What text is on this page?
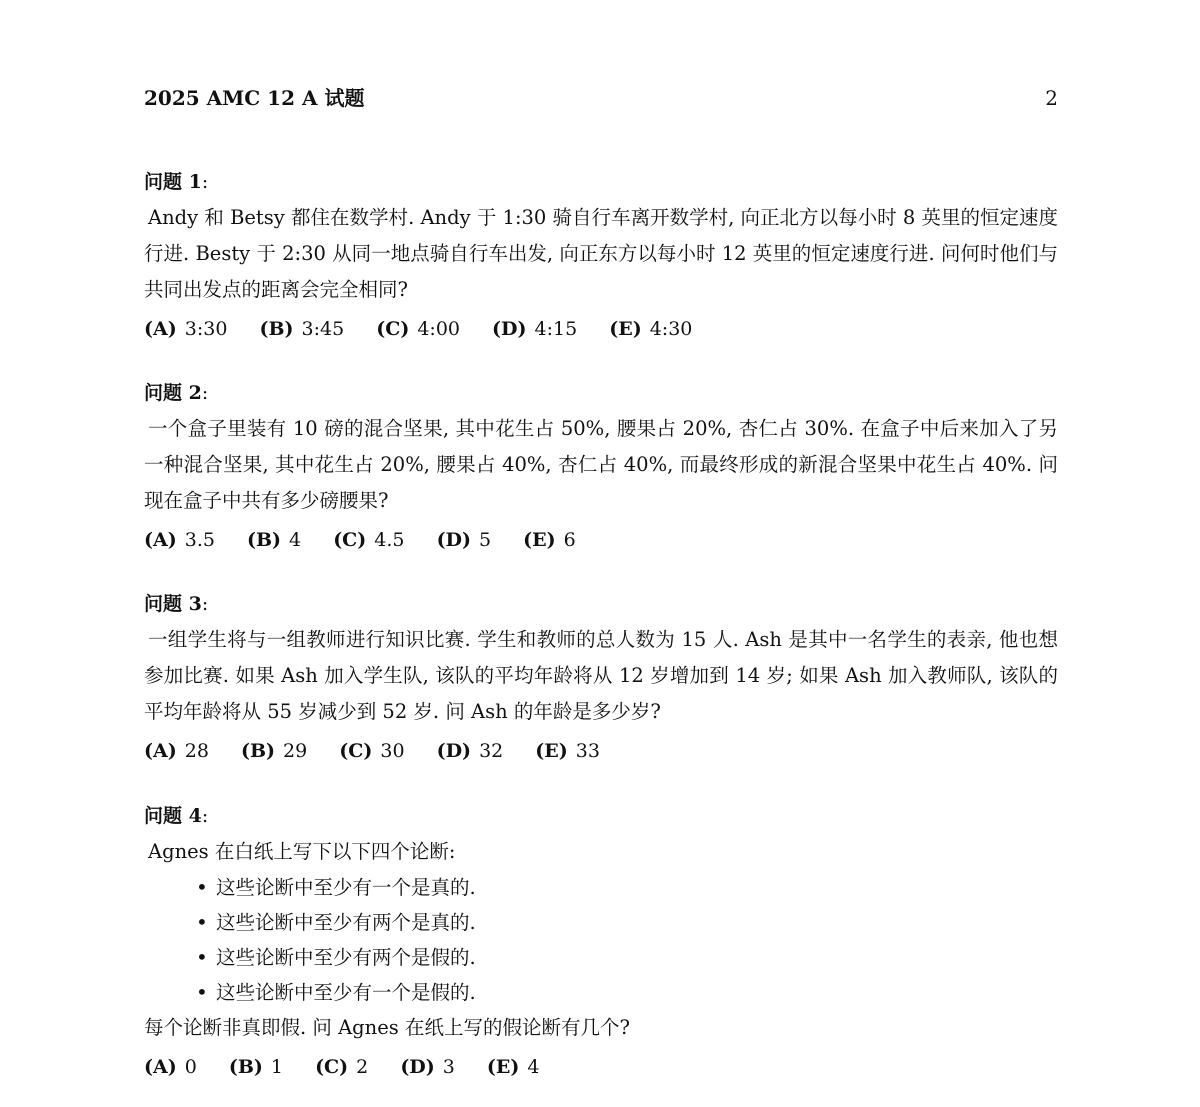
2025 AMC 12 A 试题	2
问题 1:
Andy 和 Betsy 都住在数学村. Andy 于 1:30 骑自行车离开数学村, 向正北方以每小时 8 英里的恒定速度行进. Besty 于 2:30 从同一地点骑自行车出发, 向正东方以每小时 12 英里的恒定速度行进. 问何时他们与共同出发点的距离会完全相同?
(A) 3:30 (B) 3:45 (C) 4:00 (D) 4:15 (E) 4:30
问题 2:
一个盒子里装有 10 磅的混合坚果, 其中花生占 50%, 腰果占 20%, 杏仁占 30%. 在盒子中后来加入了另一种混合坚果, 其中花生占 20%, 腰果占 40%, 杏仁占 40%, 而最终形成的新混合坚果中花生占 40%. 问现在盒子中共有多少磅腰果?
(A) 3.5 (B) 4 (C) 4.5 (D) 5 (E) 6
问题 3:
一组学生将与一组教师进行知识比赛. 学生和教师的总人数为 15 人. Ash 是其中一名学生的表亲, 他也想参加比赛. 如果 Ash 加入学生队, 该队的平均年龄将从 12 岁增加到 14 岁; 如果 Ash 加入教师队, 该队的平均年龄将从 55 岁减少到 52 岁. 问 Ash 的年龄是多少岁?
(A) 28 (B) 29 (C) 30 (D) 32 (E) 33
问题 4:
Agnes 在白纸上写下以下四个论断:
• 这些论断中至少有一个是真的.
• 这些论断中至少有两个是真的.
• 这些论断中至少有两个是假的.
• 这些论断中至少有一个是假的.
每个论断非真即假. 问 Agnes 在纸上写的假论断有几个?
(A) 0 (B) 1 (C) 2 (D) 3 (E) 4
